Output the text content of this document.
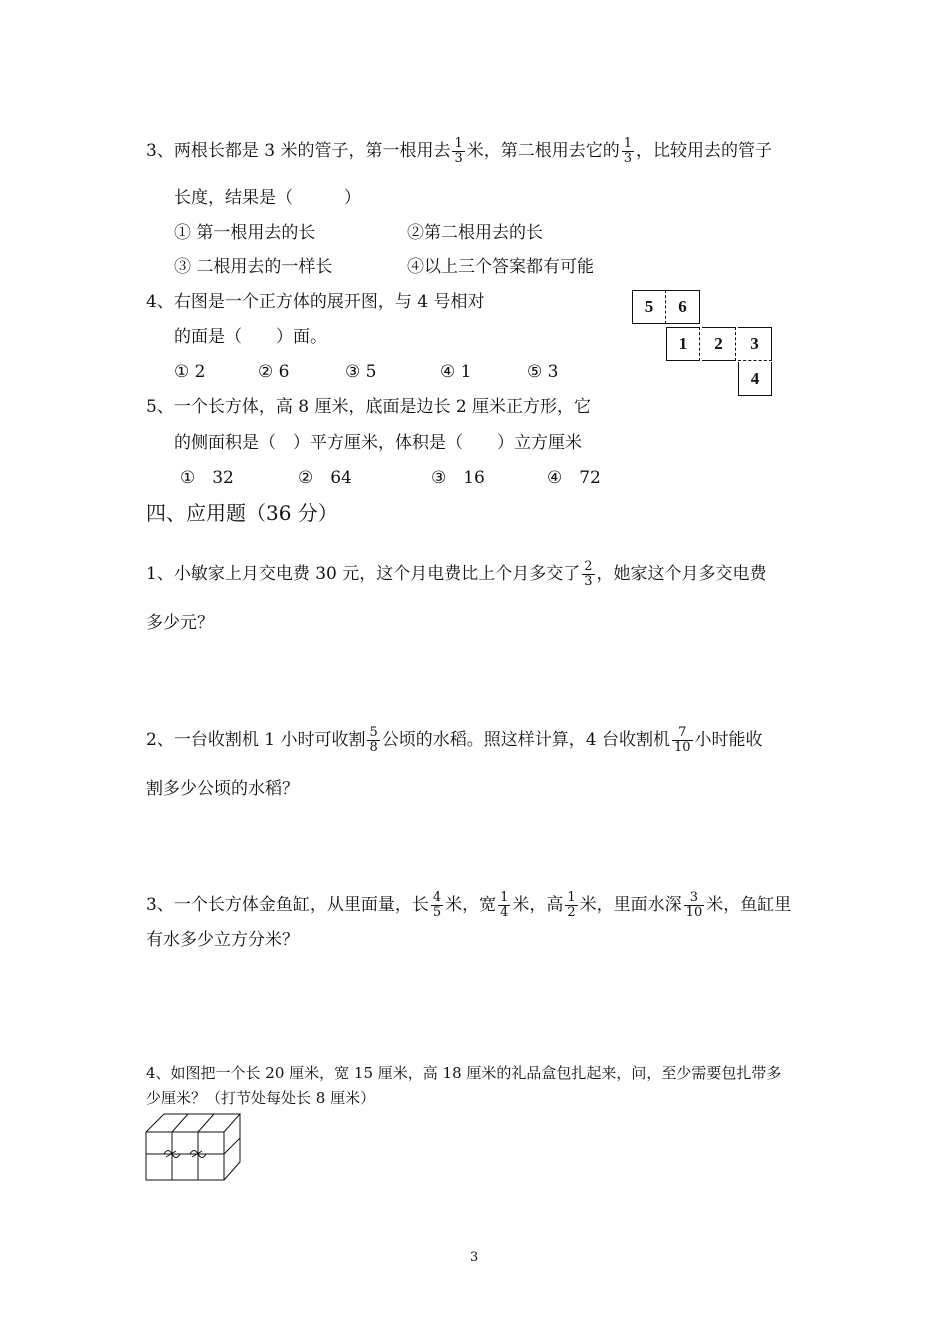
3、两根长都是 3 米的管子，第一根用去 $\frac{1}{3}$ 米，第二根用去它的 $\frac{1}{3}$ ，比较用去的管子
长度，结果是（　　　）
① 第一根用去的长	②第二根用去的长
③ 二根用去的一样长	④以上三个答案都有可能
4、右图是一个正方体的展开图，与 4 号相对
的面是（　　）面。
① 2	② 6	③ 5	④ 1	⑤ 3
5	6
1	2	3
4
5、一个长方体，高 8 厘米，底面是边长 2 厘米正方形，它
的侧面积是（　）平方厘米，体积是（　　）立方厘米
①　32	②　64	③　16	④　72
四、应用题（36 分）
1、小敏家上月交电费 30 元，这个月电费比上个月多交了 $\frac{2}{3}$ ，她家这个月多交电费
多少元？
2、一台收割机 1 小时可收割 $\frac{5}{8}$ 公顷的水稻。照这样计算，4 台收割机 $\frac{7}{10}$ 小时能收
割多少公顷的水稻？
3、一个长方体金鱼缸，从里面量，长 $\frac{4}{5}$ 米，宽 $\frac{1}{4}$ 米，高 $\frac{1}{2}$ 米，里面水深 $\frac{3}{10}$ 米，鱼缸里
有水多少立方分米？
4、如图把一个长 20 厘米，宽 15 厘米，高 18 厘米的礼品盒包扎起来，问，至少需要包扎带多
少厘米？（打节处每处长 8 厘米）
3
